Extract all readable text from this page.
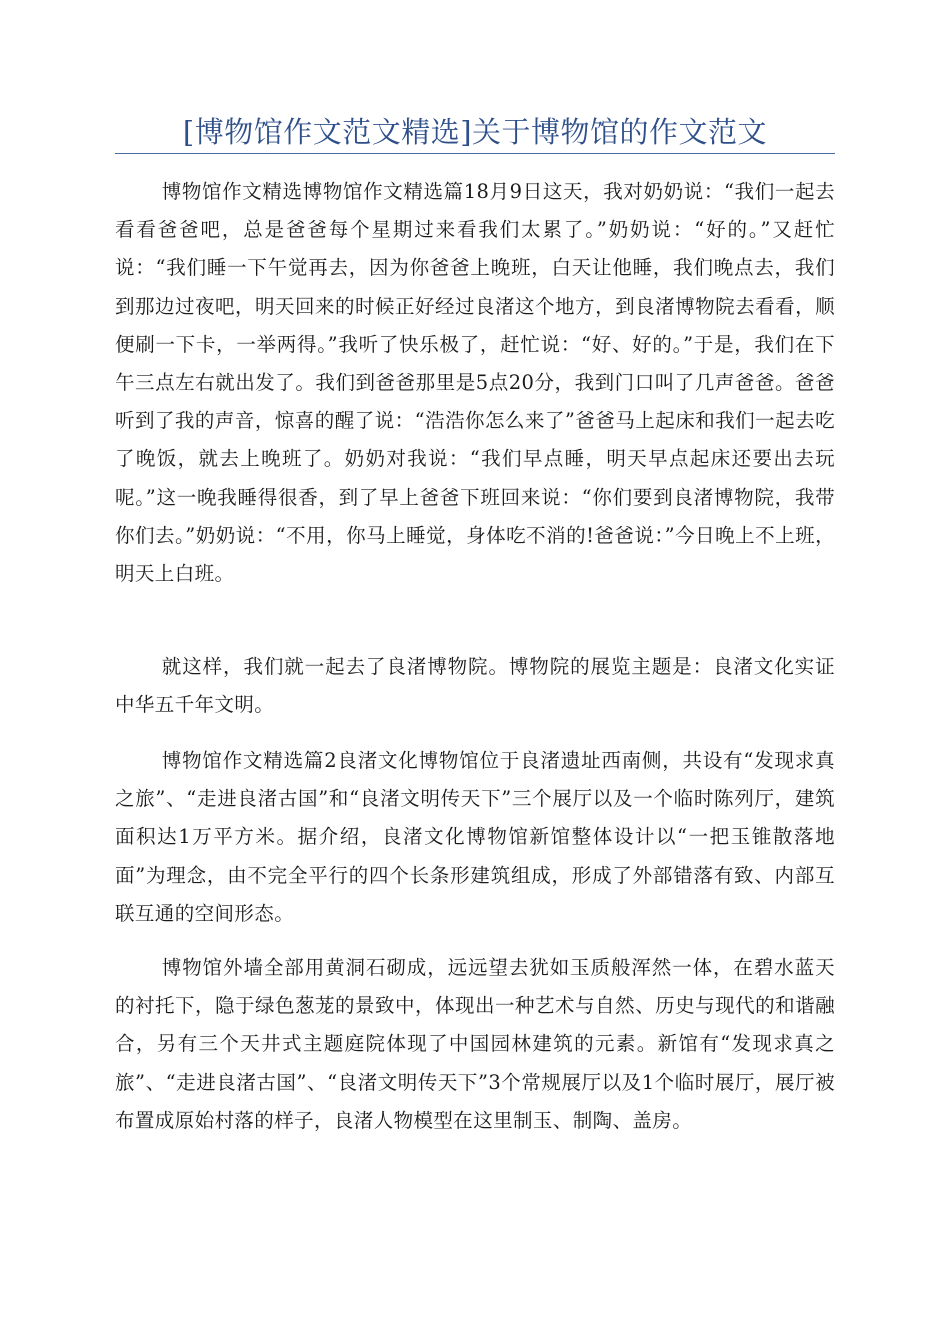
[博物馆作文范文精选]关于博物馆的作文范文

博物馆作文精选博物馆作文精选篇18月9日这天，我对奶奶说：“我们一起去看看爸爸吧，总是爸爸每个星期过来看我们太累了。”奶奶说：“好的。”又赶忙说：“我们睡一下午觉再去，因为你爸爸上晚班，白天让他睡，我们晚点去，我们到那边过夜吧，明天回来的时候正好经过良渚这个地方，到良渚博物院去看看，顺便刷一下卡，一举两得。”我听了快乐极了，赶忙说：“好、好的。”于是，我们在下午三点左右就出发了。我们到爸爸那里是5点20分，我到门口叫了几声爸爸。爸爸听到了我的声音，惊喜的醒了说：“浩浩你怎么来了”爸爸马上起床和我们一起去吃了晚饭，就去上晚班了。奶奶对我说：“我们早点睡，明天早点起床还要出去玩呢。”这一晚我睡得很香，到了早上爸爸下班回来说：“你们要到良渚博物院，我带你们去。”奶奶说：“不用，你马上睡觉，身体吃不消的!爸爸说：”今日晚上不上班，明天上白班。

就这样，我们就一起去了良渚博物院。博物院的展览主题是：良渚文化实证中华五千年文明。

博物馆作文精选篇2良渚文化博物馆位于良渚遗址西南侧，共设有“发现求真之旅”、“走进良渚古国”和“良渚文明传天下”三个展厅以及一个临时陈列厅，建筑面积达1万平方米。据介绍，良渚文化博物馆新馆整体设计以“一把玉锥散落地面”为理念，由不完全平行的四个长条形建筑组成，形成了外部错落有致、内部互联互通的空间形态。

博物馆外墙全部用黄洞石砌成，远远望去犹如玉质般浑然一体，在碧水蓝天的衬托下，隐于绿色葱茏的景致中，体现出一种艺术与自然、历史与现代的和谐融合，另有三个天井式主题庭院体现了中国园林建筑的元素。新馆有“发现求真之旅”、“走进良渚古国”、“良渚文明传天下”3个常规展厅以及1个临时展厅，展厅被布置成原始村落的样子，良渚人物模型在这里制玉、制陶、盖房。
